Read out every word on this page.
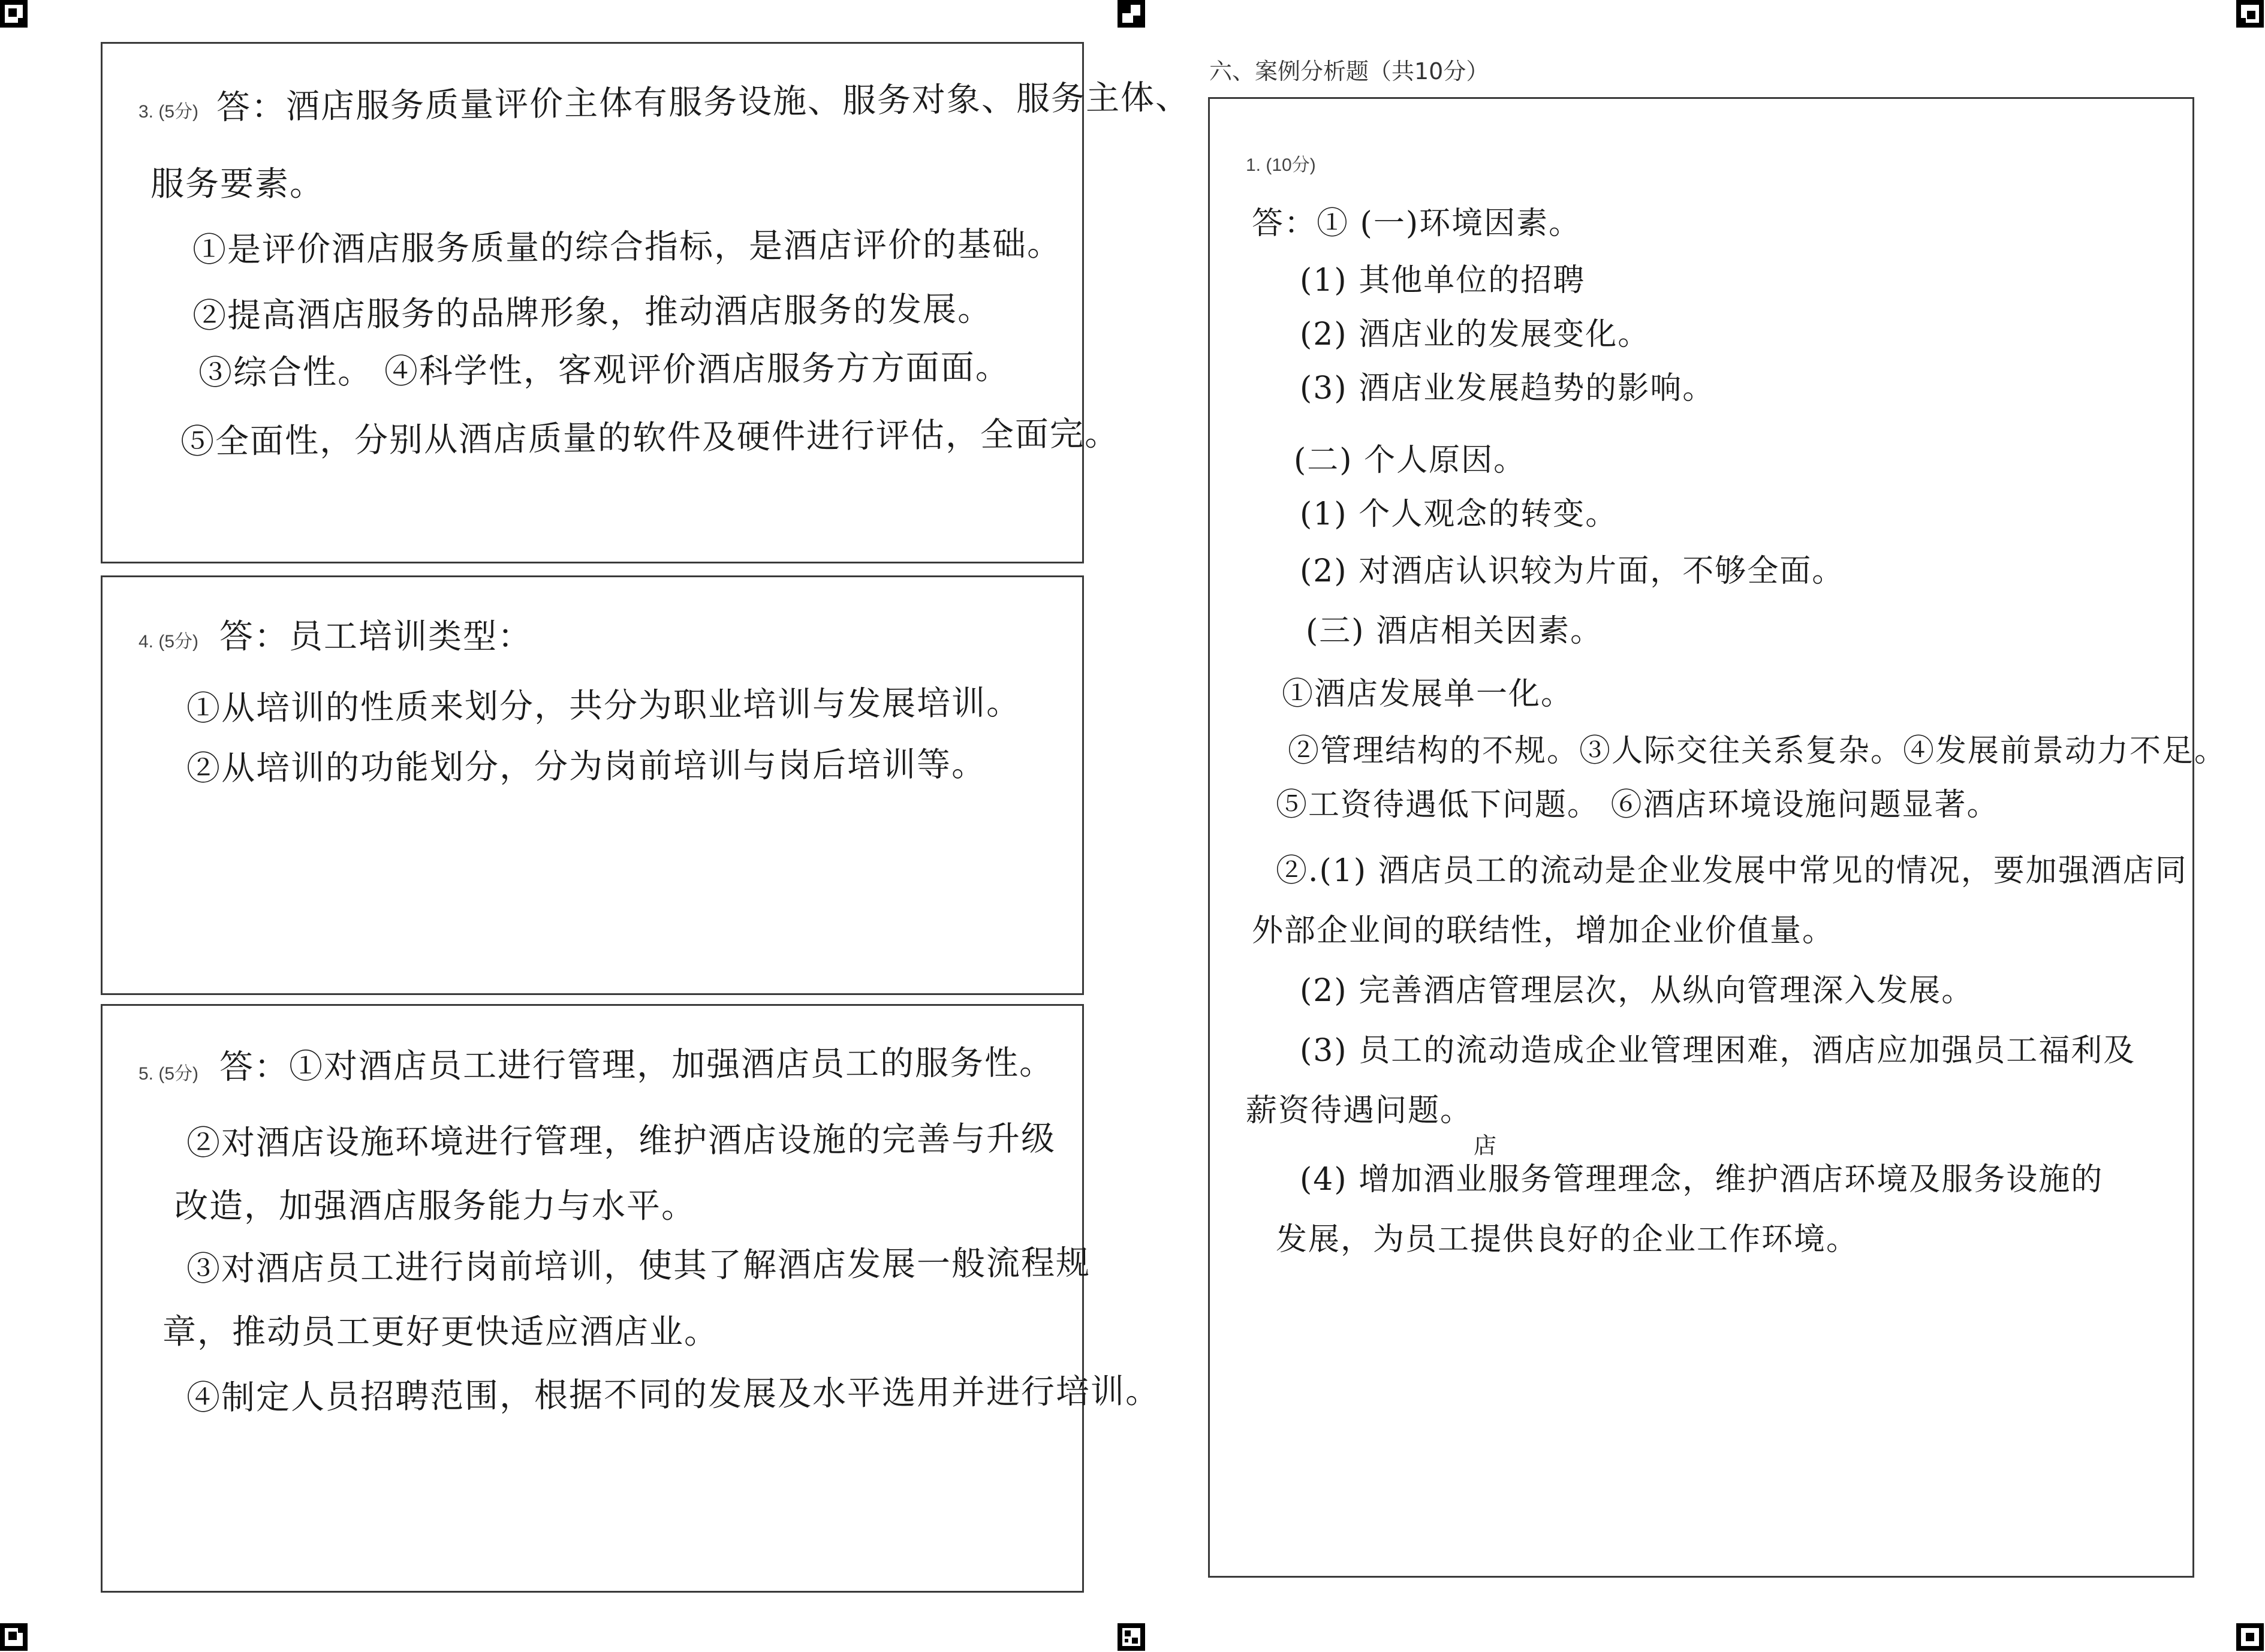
3. (5分) 答：酒店服务质量评价主体有服务设施、服务对象、服务主体、
服务要素。
①是评价酒店服务质量的综合指标，是酒店评价的基础。
②提高酒店服务的品牌形象，推动酒店服务的发展。
③综合性。 ④科学性，客观评价酒店服务方方面面。
⑤全面性，分别从酒店质量的软件及硬件进行评估，全面完。
4. (5分) 答：员工培训类型：
①从培训的性质来划分，共分为职业培训与发展培训。
②从培训的功能划分，分为岗前培训与岗后培训等。
5. (5分) 答：①对酒店员工进行管理，加强酒店员工的服务性。
②对酒店设施环境进行管理，维护酒店设施的完善与升级
改造，加强酒店服务能力与水平。
③对酒店员工进行岗前培训，使其了解酒店发展一般流程规
章，推动员工更好更快适应酒店业。
④制定人员招聘范围，根据不同的发展及水平选用并进行培训。
六、案例分析题（共10分）
1. (10分)
答：① (一)环境因素。
(1) 其他单位的招聘
(2) 酒店业的发展变化。
(3) 酒店业发展趋势的影响。
(二) 个人原因。
(1) 个人观念的转变。
(2) 对酒店认识较为片面，不够全面。
(三) 酒店相关因素。
①酒店发展单一化。
②管理结构的不规。③人际交往关系复杂。④发展前景动力不足。
⑤工资待遇低下问题。 ⑥酒店环境设施问题显著。
②.(1) 酒店员工的流动是企业发展中常见的情况，要加强酒店同
外部企业间的联结性，增加企业价值量。
(2) 完善酒店管理层次，从纵向管理深入发展。
(3) 员工的流动造成企业管理困难，酒店应加强员工福利及
薪资待遇问题。
店
(4) 增加酒业服务管理理念，维护酒店环境及服务设施的
发展，为员工提供良好的企业工作环境。
